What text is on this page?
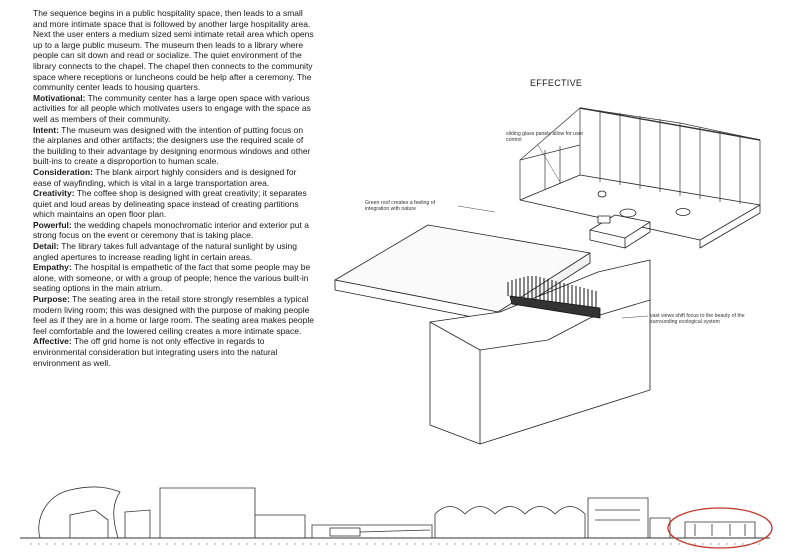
The sequence begins in a public hospitality space, then leads to a small and more intimate space that is followed by another large hospitality area. Next the user enters a medium sized semi intimate retail area which opens up to a large public museum. The museum then leads to a library where people can sit down and read or socialize. The quiet environment of the library connects to the chapel. The chapel then connects to the community space where receptions or luncheons could be help after a ceremony. The community center leads to housing quarters.

Motivational: The community center has a large open space with various activities for all people which motivates users to engage with the space as well as members of their community.

Intent: The museum was designed with the intention of putting focus on the airplanes and other artifacts; the designers use the required scale of the building to their advantage by designing enormous windows and other built-ins to create a disproportion to human scale.

Consideration: The blank airport highly considers and is designed for ease of wayfinding, which is vital in a large transportation area.

Creativity: The coffee shop is designed with great creativity; it separates quiet and loud areas by delineating space instead of creating partitions which maintains an open floor plan.

Powerful: the wedding chapels monochromatic interior and exterior put a strong focus on the event or ceremony that is taking place.

Detail: The library takes full advantage of the natural sunlight by using angled apertures to increase reading light in certain areas.

Empathy: The hospital is empathetic of the fact that some people may be alone, with someone, or with a group of people; hence the various built-in seating options in the main atrium.

Purpose: The seating area in the retail store strongly resembles a typical modern living room; this was designed with the purpose of making people feel as if they are in a home or large room. The seating area makes people feel comfortable and the lowered ceiling creates a more intimate space.

Affective: The off grid home is not only effective in regards to environmental consideration but integrating users into the natural environment as well.

EFFECTIVE
sliding glass panels allow for user control
Green roof creates a feeling of integration with nature
vast views shift focus to the beauty of the surrounding ecological system
